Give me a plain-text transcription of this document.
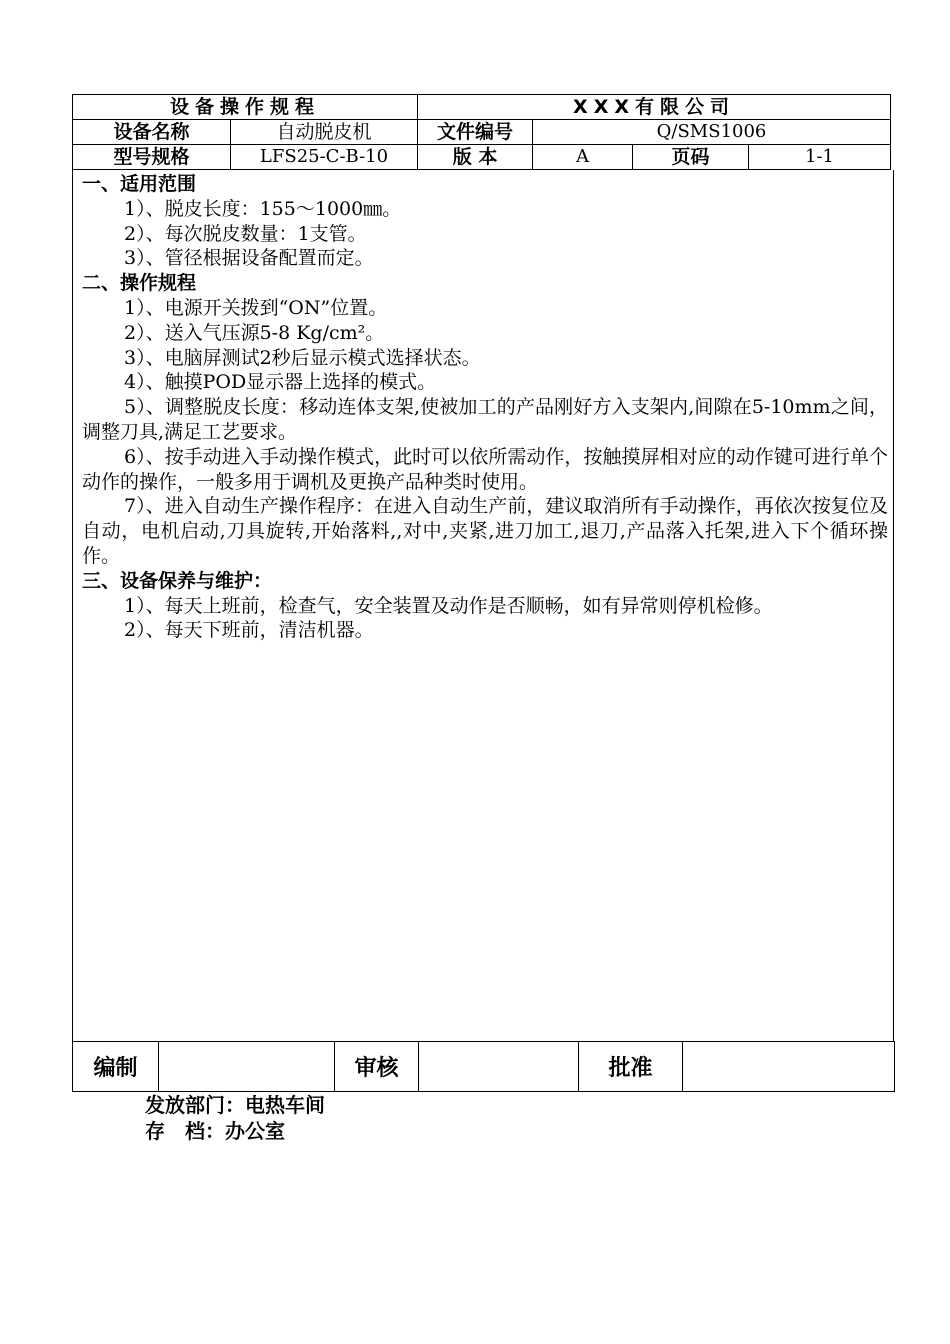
设备操作规程		XXX有限公司			
设备名称	自动脱皮机	文件编号	Q/SMS1006		
型号规格	LFS25-C-B-10	版 本	A	页码	1-1

一、适用范围

1）、脱皮长度：155～1000㎜。

2）、每次脱皮数量：1支管。

3）、管径根据设备配置而定。

二、操作规程

1）、电源开关拨到“ON”位置。

2）、送入气压源5-8 Kg/cm²。

3）、电脑屏测试2秒后显示模式选择状态。

4）、触摸POD显示器上选择的模式。

5）、调整脱皮长度：移动连体支架,使被加工的产品刚好方入支架内,间隙在5-10mm之间，调整刀具,满足工艺要求。

6）、按手动进入手动操作模式，此时可以依所需动作，按触摸屏相对应的动作键可进行单个动作的操作，一般多用于调机及更换产品种类时使用。

7）、进入自动生产操作程序：在进入自动生产前，建议取消所有手动操作，再依次按复位及自动，电机启动,刀具旋转,开始落料,,对中,夹紧,进刀加工,退刀,产品落入托架,进入下个循环操作。

三、设备保养与维护：

1）、每天上班前，检查气，安全装置及动作是否顺畅，如有异常则停机检修。

2）、每天下班前，清洁机器。

编制		审核		批准	
发放部门：电热车间
存　档：办公室
